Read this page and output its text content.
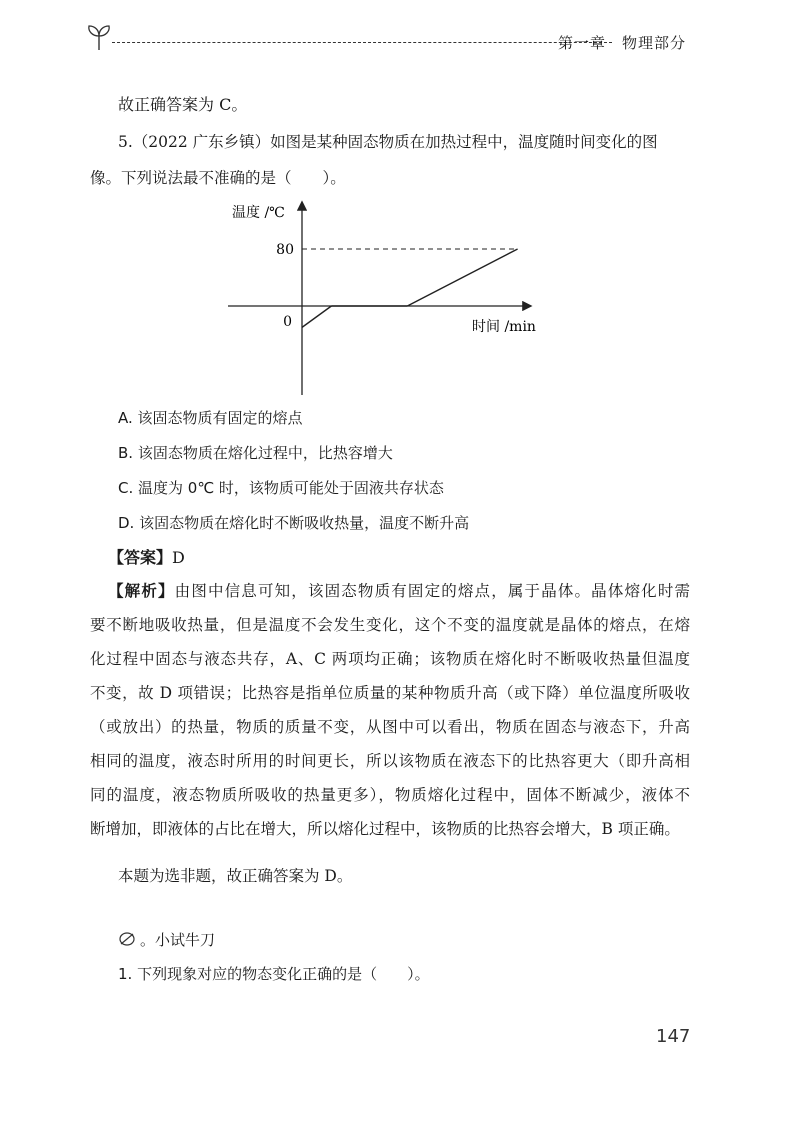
第一章　物理部分
故正确答案为 C。
5.（2022 广东乡镇）如图是某种固态物质在加热过程中，温度随时间变化的图
像。下列说法最不准确的是（　　）。
温度 /℃
时间 /min
80
0
A. 该固态物质有固定的熔点
B. 该固态物质在熔化过程中，比热容增大
C. 温度为 0℃ 时，该物质可能处于固液共存状态
D. 该固态物质在熔化时不断吸收热量，温度不断升高
【答案】D

【解析】由图中信息可知，该固态物质有固定的熔点，属于晶体。晶体熔化时需

要不断地吸收热量，但是温度不会发生变化，这个不变的温度就是晶体的熔点，在熔

化过程中固态与液态共存，A、C 两项均正确；该物质在熔化时不断吸收热量但温度

不变，故 D 项错误；比热容是指单位质量的某种物质升高（或下降）单位温度所吸收

（或放出）的热量，物质的质量不变，从图中可以看出，物质在固态与液态下，升高

相同的温度，液态时所用的时间更长，所以该物质在液态下的比热容更大（即升高相

同的温度，液态物质所吸收的热量更多），物质熔化过程中，固体不断减少，液体不

断增加，即液体的占比在增大，所以熔化过程中，该物质的比热容会增大，B 项正确。

本题为选非题，故正确答案为 D。
。小试牛刀
1. 下列现象对应的物态变化正确的是（　　）。
147
